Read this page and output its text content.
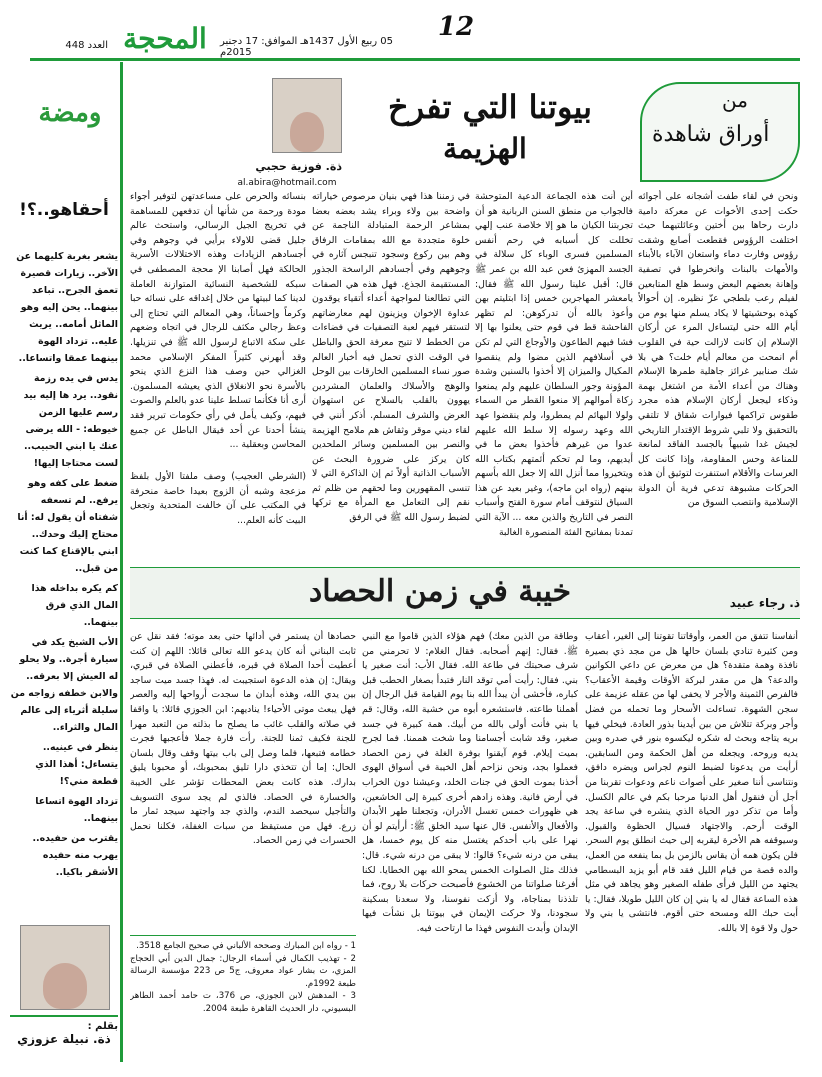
12
05 ربيع الأول 1437هـ الموافق: 17 دجنبر 2015م
المحجة
العدد 448
ومضة
أحقاهو..؟!

يشعر بغربة كليهما عن الآخر.. زيارات قصيرة تعمق الجرح.. تباعد بينهما.. يحن إليه وهو الماثل أمامه.. يريث عليه.. تزداد الهوة بينهما عمقا واتساعا..

يدس في يده رزمة نقود.. يرد ها إليه بيد رسم عليها الزمن خيوطه: - الله يرضى عنك يا ابني الحبيب.. لست محتاجا إليها!

ضغط على كفه وهو يرفع.. لم تسعفه شفتاه أن يقول له: أنا محتاج إليك وحدك.. ابني بالإقناع كما كنت من قبل..

كم يكره بداخله هذا المال الذي فرق بينهما..

الأب الشيخ يكد في سيارة أجرة.. ولا يحلو له العيش إلا بعرقه.. والابن خطفه زواجه من سليلة أثرياء إلى عالم المال والثراء..

ينظر في عينيه.. يتساءل: أهذا الذي قطعة مني؟!

تزداد الهوة اتساعا بينهما..

يقترب من حفيده.. يهرب منه حفيده الأشقر باكيا..

بقلم :
ذة. نبيلة عزوزي
من
أوراق شاهدة
بيوتنا التي تفرخ
الهزيمة
ذة. فوزية حجبي
al.abira@hotmail.com
ونحن في لقاء طفت أشجانه على أجوائه حكت إحدى الأخوات عن معركة دامية دارت رحاها بين أختين وعائلتيهما حيث اختلفت الرؤوس فقطعت أصابع وشقت رؤوس وفارت دماء واستعان الآباء بالأبناء والأمهات بالبنات وانخرطوا في تصفية وإهانة بعضهم البعض وسط هلع المتابعين لفيلم رعب بلطجي عزّ نظيره. إن أحوالاً كهذه بوحشيتها لا يكاد يسلم منها يوم من أيام الله حتى ليتساءل المرء عن أركان الإسلام إن كانت لازالت حية في القلوب أم انمحت من معالم أيام خلت؟ هي بلا شك صنابير غرائز جاهلية طمرها الإسلام وهناك من أعداء الأمة من اشتغل بهمة وذكاء ليجعل أركان الإسلام هذه مجرد طقوس تراكمها فيوارات شقاق لا تلتقي بالتحقيق ولا تلبي شروط الإقتدار التاريخي لجيش غدا شبيهاً بالجسد الفاقد لمانعة للمناعة وحس المقاومة، وإذا كانت كل العرسات والأقلام استنفرت لتوثيق أن هذه الحركات مشبوهة تدعي فرية أن الدولة الإسلامية وانتصب السوق من
أين أنت هذه الجماعة الدعية المتوحشة فالجواب من منطق السنن الربانية هو أن تجربتنا الكيان ما هو إلا خلاصة عنب إلهي تخللت كل أسبابه في رحم أنفس المسلمين فسرى الوباء كل سلالة في الجسد المهزئ فعن عبد الله بن عمر ﷺ قال: أقبل علينا رسول الله ﷺ فقال: يامعشر المهاجرين خمس إذا ابتليتم بهن وأعوذ بالله أن تدركوهن: لم تظهر الفاحشة قط في قوم حتى يعلنوا بها إلا فشا فيهم الطاعون والأوجاع التي لم تكن في أسلافهم الذين مضوا ولم ينقصوا المكيال والميزان إلا أخذوا بالسنين وشدة المؤونة وجور السلطان عليهم ولم يمنعوا زكاة أموالهم إلا منعوا القطر من السماء ولولا البهائم لم يمطروا، ولم ينقضوا عهد الله وعهد رسوله إلا سلط الله عليهم عدوا من غيرهم فأخذوا بعض ما في أيديهم، وما لم تحكم أئمتهم بكتاب الله ويتخيروا مما أنزل الله إلا جعل الله بأسهم بينهم (رواه ابن ماجه)، وغير بعيد عن هذا السياق لنتوقف أمام سورة الفتح وأسباب النصر في التاريخ والذين معه ... الآية التي تمدنا بمفاتيح الفئة المنصورة الغالبة
في زمننا هذا فهي بنيان مرصوص خياراته واضحة بين ولاء وبراء يشد بعضه بعضا بمشاعر الرحمة المتبادلة الناجمة عن خلوة متجددة مع الله بمقامات الرفاق وهم بين ركوع وسجود تنبجس آثاره في وجوههم وفي أجسادهم الراسخة الجذور المستقيمة الجذع. فهل هذه هي الصفات التي تطالعنا لمواجهة أعداء أتقياء يوقدون عداوة الإخوان ويزينون لهم معارضاتهم لتستقر فيهم لعبة التصفيات في فضاءات من الخطط لا تتيح معرفة الحق والباطل في الوقت الذي تحمل فيه أخبار العالم صور نساء المسلمين الخارقات بين الوحل والوهج والأسلاك والعلمان المشردين يهوون بالقلب بالسلاح عن استهوان العرض والشرف المسلم. أذكر أنني في لقاء ديني موقر وثقاش هم ملامح الهزيمة والنصر بين المسلمين وسائر الملحدين كان يركز على ضرورة البحث عن الأسباب الذاتية أولاً ثم إن الذاكرة التي لا تنسى المقهورين وما لحقهم من ظلم ثم نقم إلى التعامل مع المرأة مع تركها لضبط رسول الله ﷺ في الرفق
بنسائه والحرص على مساعدتهن لتوفير أجواء مودة ورحمة من شأنها أن تدفعهن للمساهمة في تخريج الجيل الرسالي، واستحث عالم جليل قضى للاولاء برأيي في وجوهم وفي أجسادهم الزيادات وهذه الاختلالات الأسرية الحالكة فهل أصابنا الإ محجة المصطفى في سبكه للشخصية النسائية المتوازنة العاملة لدينا كما لبيتها من خلال إغداقه على نسائه حبا وكرماً وإحساناً، وهي المعالم التي تحتاج إلى وعظ رجالي مكثف للرجال في اتجاه وضعهم على سكة الاتباع لرسول الله ﷺ في تنزيلها. وقد أبهرني كثيراً المفكر الإسلامي محمد الغزالي حين وصف هذا النزع الذي ينحو بالأسرة نحو الانغلاق الذي يعيشه المسلمون. أرى أنا فكأنما تسلط علينا عدو بالعلم والصوت فيهم، وكيف يأمل في رأي حكومات تبرير فقد ينشأ أحدنا عن أحد فيقال الباطل عن جميع المحاسن وبعقلية ...
(الشرطي العجيب) وصف ملفتا الأول بلفظ مزعجة وشبه أن الزوج بعيدا خاصة منحرفة في المكتب على آن خالفت المتحدية وتجعل البيت كأنه العلم...
خيبة في زمن الحصاد	ذ. رجاء عبيد
أنفاسنا تتفق من العمر، وأوقاتنا تقوتنا إلى الغير، أعقاب ومن كثيرة تنادي بلسان حالها هل من مجد ذي بصيرة نافذة وهمة متقدة؟ هل من معرض عن داعي الكوانين والدعة؟ هل من مقدر لبركة الأوقات وقيمة الأعقاب؟ فالفرص الثمينة والأجر لا يخفى لها من عقله عزيمة على سجن الشهوة. تساءلت الأسحار وما تحمله من فضل وأجر وبركة تتلاش من بين أيدينا بذور العادة. فيخلي فيها بريه يتاجه وبحث له شكره ليكسوه بنور في صدره وبين يديه وروحه. ويجعله من أهل الحكمة ومن السابقين. أرأيت من يدعونا لضبط النوم لجراس ويضره دافق، ونتناسى أننا صغير على أصوات ناعم ودعوات تقربنا من أجل أن فنقول أهل الدنيا مرحبا بكم في عالم الكسل. وأما من تذكر دور الحياة الذي ينشره في ساعة يجد الوقت أرحم. والاجتهاد فسيال الحظوة والقبول. وسيوقفه هم الأخرة ليقربه إلى حيث انطلق يوم السحر. فلن يكون همه أن يقاس بالزمن بل بما ينفعه من العمل، والده قصة من قيام الليل فقد قام أبو يزيد البسطامي يجتهد من الليل فرأى طفله الصغير وهو يجاهد في مثل هذه الساعة فقال له يا بني إن كان الليل طويلا، فقال: يا أبت حبك الله ومسحه حتى أقوم. فانتشى يا بني ولا حول ولا قوة إلا بالله.
وطاقة من الذين معك) فهم هؤلاء الذين قاموا مع النبي ﷺ. فقال: إنهم أصحابه. فقال الغلام: لا تحرمني من شرف صحبتك في طاعة الله. فقال الأب: أنت صغير يا بني. فقال: رأيت أمي توقد النار فتبدأ بصغار الحطب قبل كباره، فأخشى أن يبدأ الله بنا يوم القيامة قبل الرجال إن أهملنا طاعته. فاستشعره أبوه من خشية الله، وقال: قم يا بني فأنت أولى بالله من أبيك. همة كبيرة في جسد صغير، وقد شابت أجسامنا وما شخت هممنا. فما لجرح بميت إيلام. قوم آيقنوا بوفرة الغلة في زمن الحصاد فعملوا بجد، ونحن نزاحم أهل الخيبة في أسواق الهوى أخذنا بموت الحق في جنات الخلد، وعيشنا دون الخراب في أرض فانية. وهذه زادهم أخرى كبيرة إلى الخاشعين، هي ظهورات خمس تغسل الأدران، وتجعلنا طهر الأبدان والأفعال والأنفس. قال عنها سيد الخلق ﷺ: أرأيتم لو أن نهرا على باب أحدكم يغتسل منه كل يوم خمسا، هل يبقى من درنه شيء؟ قالوا: لا يبقى من درنه شيء. قال: فذلك مثل الصلوات الخمس يمحو الله بهن الخطايا. لكنا أفرغنا صلواتنا من الخشوع فأصبحت حركات بلا روح، فما تلذذنا بمناجاة، ولا أزكت نفوسنا، ولا سعدنا بسكينة سجودنا، ولا حركت الإيمان في بيوتنا بل نشأت فيها الإبدان وأبدت النفوس فهذا ما ارتاحت فيه.
حصادها أن يستمر في أدائها حتى بعد موته؛ فقد نقل عن ثابت البناني أنه كان يدعو الله تعالى قائلا: اللهم إن كنت أعطيت أحدا الصلاة في قبره، فأعطني الصلاة في قبري، ويقال: إن هذه الدعوة استجيبت له. فهذا جسد ميت ساجد بين يدي الله، وهذه أبدان ما سجدت أرواحها إليه والعصر فهل يبعث موتى الأحياء! يناديهم: ابن الجوزي قائلا: يا واقفا في صلاته والقلب غائب ما يصلح ما بذلته من التعبد مهرا للجنة فكيف ثمنا للجنة. رأت فارة جملا فأعجبها فجرت خطامه فتبعها، فلما وصل إلى باب بيتها وقف وقال بلسان الحال: إما أن تتخذي دارا تليق بمحبوبك، أو محبوبا يليق بدارك. هذه كانت بعض المحطات تؤشر على الخيبة والخسارة في الحصاد. فالذي لم يجد سوى التسويف والتأجيل سيحصد الندم، والذي جد واجتهد سيجد ثمار ما زرع. فهل من مستيقظ من سبات الغفلة، فكلنا نحمل الحسرات في زمن الحصاد.
1 - رواه ابن المبارك وصححه الألباني في صحيح الجامع 3518.
2 - تهذيب الكمال في أسماء الرجال: جمال الدين أبي الحجاج المزي، ت بشار عواد معروف، ج5 ص 223 مؤسسة الرسالة طبعة 1992م.
3 - المدهش لابن الجوزي، ص 376، ت حامد أحمد الطاهر البسيوني، دار الحديث القاهرة طبعة 2004.
